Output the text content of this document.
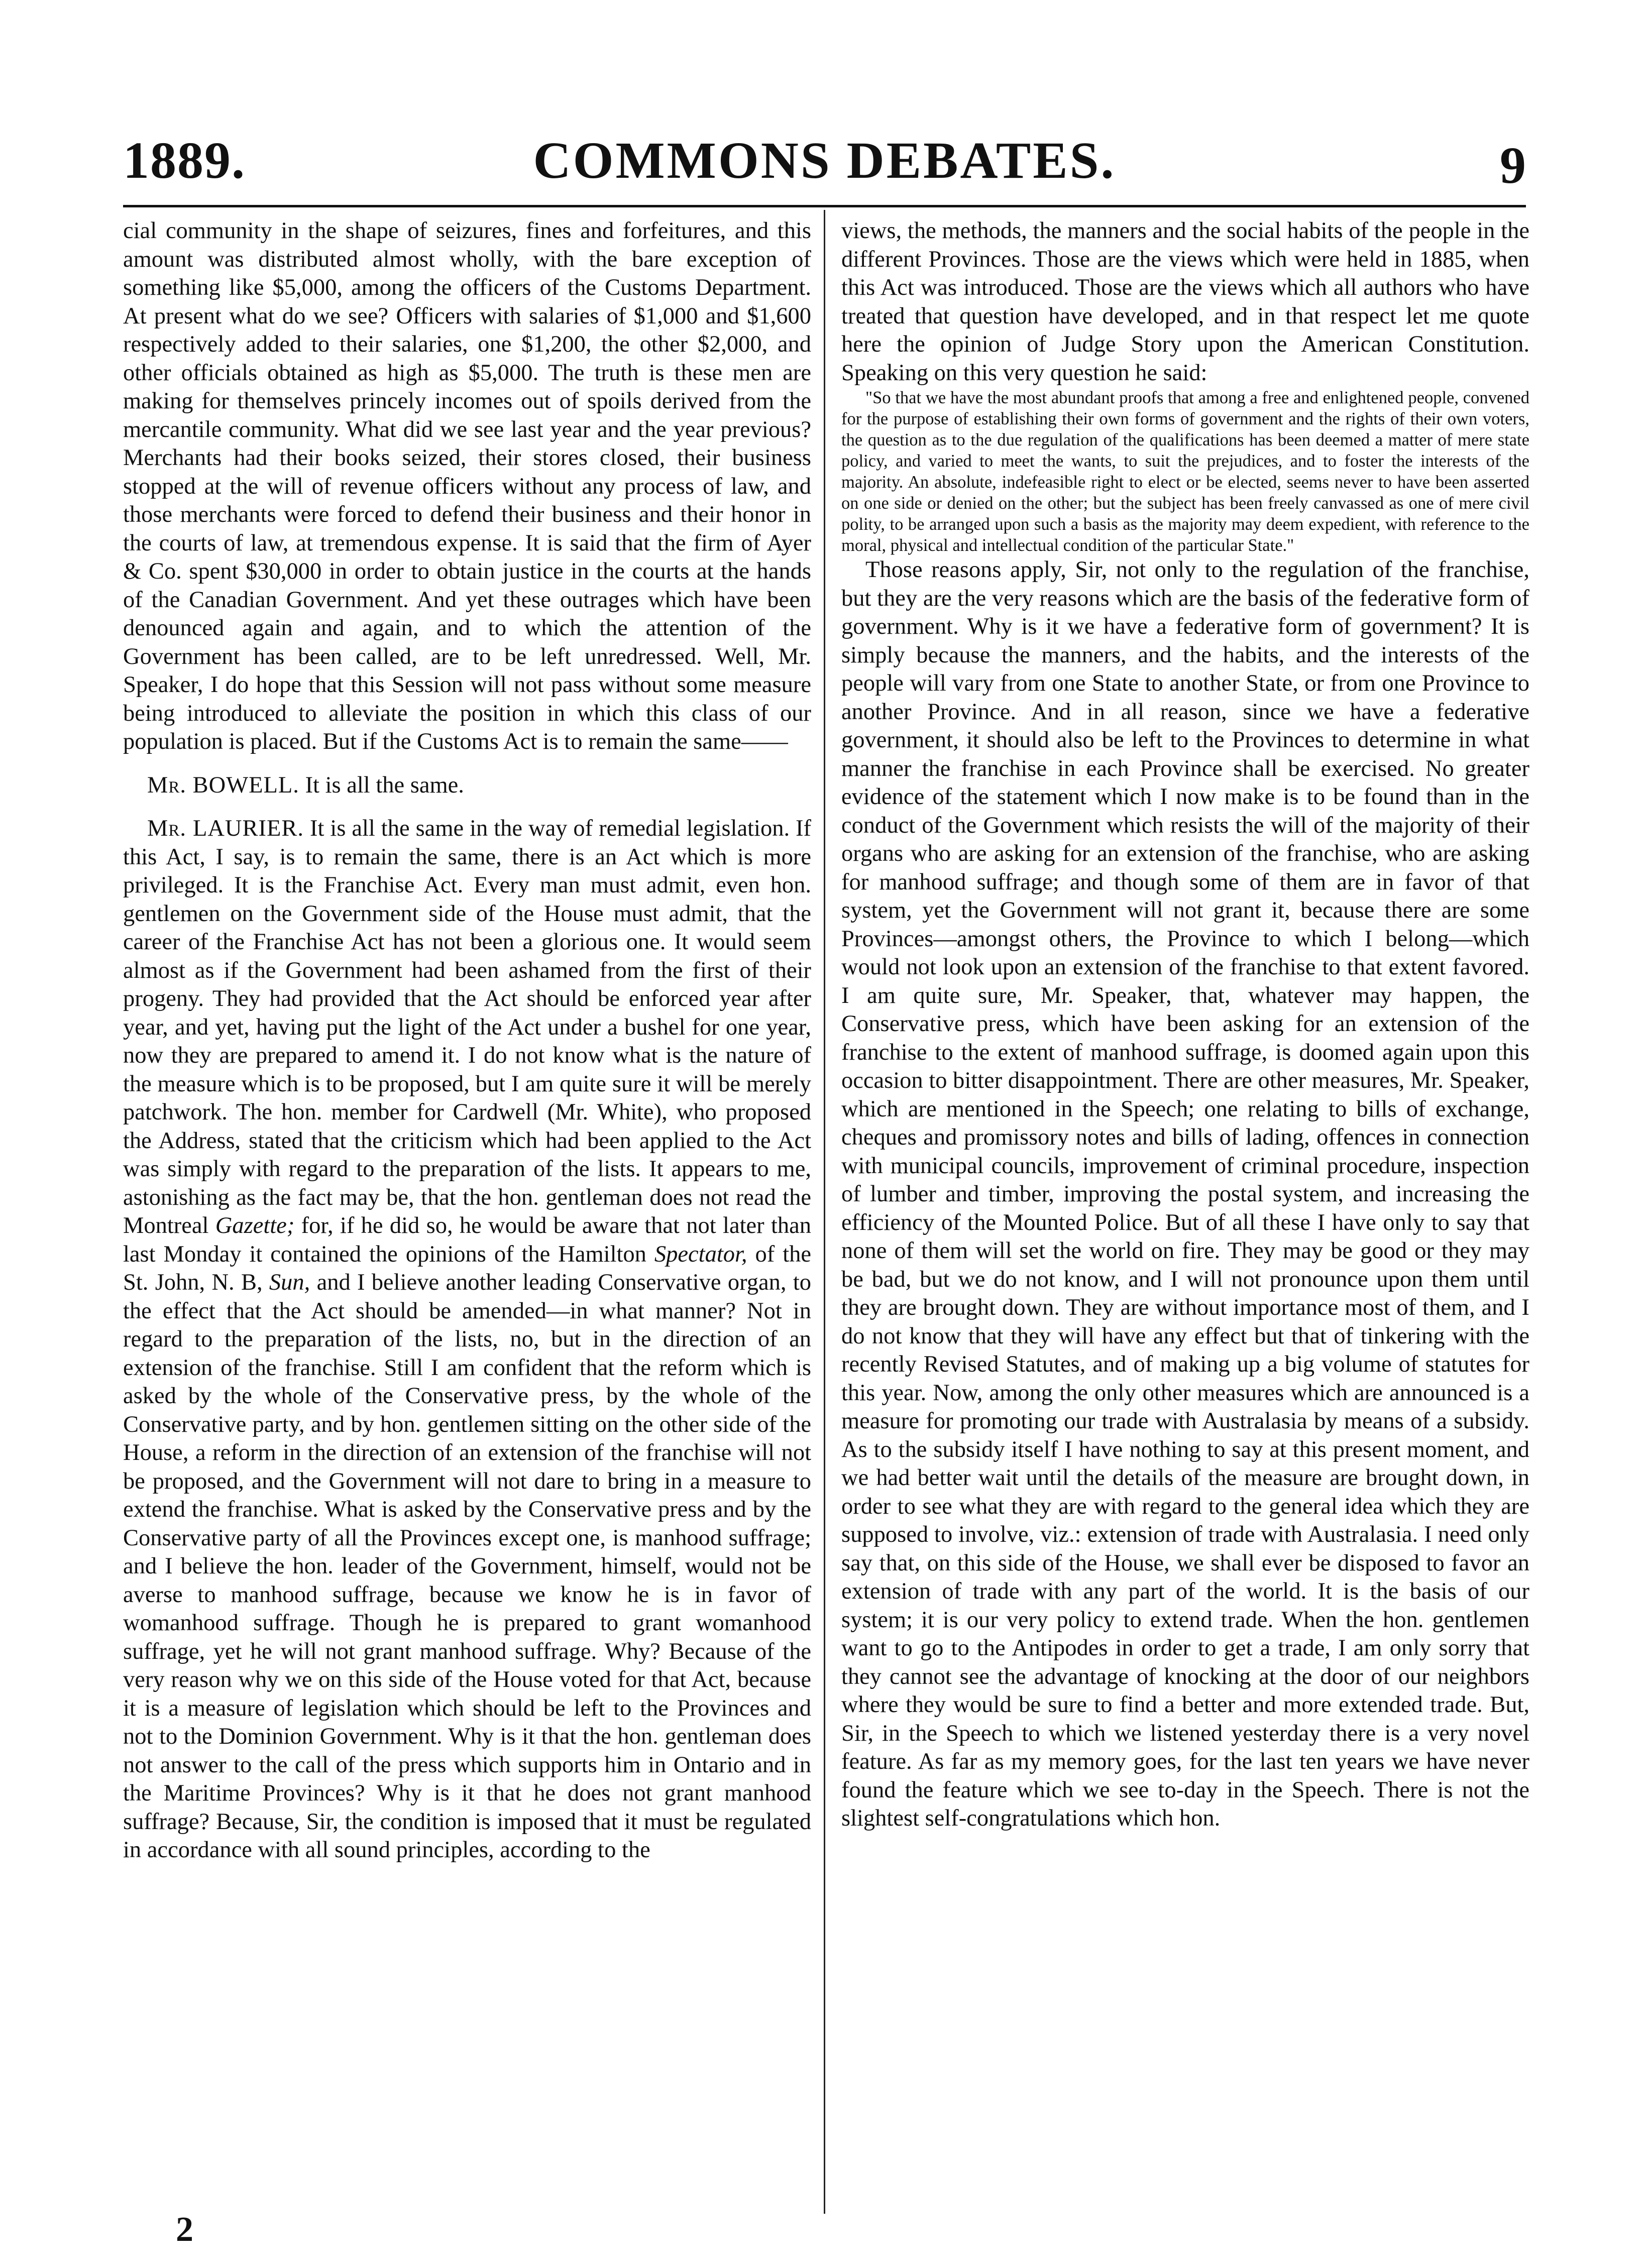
1889.	COMMONS DEBATES.	9

cial community in the shape of seizures, fines and forfeitures, and this amount was distributed almost wholly, with the bare exception of something like $5,000, among the officers of the Customs Department. At present what do we see? Officers with salaries of $1,000 and $1,600 respectively added to their salaries, one $1,200, the other $2,000, and other officials obtained as high as $5,000. The truth is these men are making for themselves princely incomes out of spoils derived from the mercantile community. What did we see last year and the year previous? Merchants had their books seized, their stores closed, their business stopped at the will of revenue officers without any process of law, and those merchants were forced to defend their business and their honor in the courts of law, at tremendous expense. It is said that the firm of Ayer & Co. spent $30,000 in order to obtain justice in the courts at the hands of the Canadian Government. And yet these outrages which have been denounced again and again, and to which the attention of the Government has been called, are to be left unredressed. Well, Mr. Speaker, I do hope that this Session will not pass without some measure being introduced to alleviate the position in which this class of our population is placed. But if the Customs Act is to remain the same——

Mr. BOWELL. It is all the same.

Mr. LAURIER. It is all the same in the way of remedial legislation. If this Act, I say, is to remain the same, there is an Act which is more privileged. It is the Franchise Act. Every man must admit, even hon. gentlemen on the Government side of the House must admit, that the career of the Franchise Act has not been a glorious one. It would seem almost as if the Government had been ashamed from the first of their progeny. They had provided that the Act should be enforced year after year, and yet, having put the light of the Act under a bushel for one year, now they are prepared to amend it. I do not know what is the nature of the measure which is to be proposed, but I am quite sure it will be merely patchwork. The hon. member for Cardwell (Mr. White), who proposed the Address, stated that the criticism which had been applied to the Act was simply with regard to the preparation of the lists. It appears to me, astonishing as the fact may be, that the hon. gentleman does not read the Montreal Gazette; for, if he did so, he would be aware that not later than last Monday it contained the opinions of the Hamilton Spectator, of the St. John, N. B, Sun, and I believe another leading Conservative organ, to the effect that the Act should be amended—in what manner? Not in regard to the preparation of the lists, no, but in the direction of an extension of the franchise. Still I am confident that the reform which is asked by the whole of the Conservative press, by the whole of the Conservative party, and by hon. gentlemen sitting on the other side of the House, a reform in the direction of an extension of the franchise will not be proposed, and the Government will not dare to bring in a measure to extend the franchise. What is asked by the Conservative press and by the Conservative party of all the Provinces except one, is manhood suffrage; and I believe the hon. leader of the Government, himself, would not be averse to manhood suffrage, because we know he is in favor of womanhood suffrage. Though he is prepared to grant womanhood suffrage, yet he will not grant manhood suffrage. Why? Because of the very reason why we on this side of the House voted for that Act, because it is a measure of legislation which should be left to the Provinces and not to the Dominion Government. Why is it that the hon. gentleman does not answer to the call of the press which supports him in Ontario and in the Maritime Provinces? Why is it that he does not grant manhood suffrage? Because, Sir, the condition is imposed that it must be regulated in accordance with all sound principles, according to the

views, the methods, the manners and the social habits of the people in the different Provinces. Those are the views which were held in 1885, when this Act was introduced. Those are the views which all authors who have treated that question have developed, and in that respect let me quote here the opinion of Judge Story upon the American Constitution. Speaking on this very question he said:

"So that we have the most abundant proofs that among a free and enlightened people, convened for the purpose of establishing their own forms of government and the rights of their own voters, the question as to the due regulation of the qualifications has been deemed a matter of mere state policy, and varied to meet the wants, to suit the prejudices, and to foster the interests of the majority. An absolute, indefeasible right to elect or be elected, seems never to have been asserted on one side or denied on the other; but the subject has been freely canvassed as one of mere civil polity, to be arranged upon such a basis as the majority may deem expedient, with reference to the moral, physical and intellectual condition of the particular State."

Those reasons apply, Sir, not only to the regulation of the franchise, but they are the very reasons which are the basis of the federative form of government. Why is it we have a federative form of government? It is simply because the manners, and the habits, and the interests of the people will vary from one State to another State, or from one Province to another Province. And in all reason, since we have a federative government, it should also be left to the Provinces to determine in what manner the franchise in each Province shall be exercised. No greater evidence of the statement which I now make is to be found than in the conduct of the Government which resists the will of the majority of their organs who are asking for an extension of the franchise, who are asking for manhood suffrage; and though some of them are in favor of that system, yet the Government will not grant it, because there are some Provinces—amongst others, the Province to which I belong—which would not look upon an extension of the franchise to that extent favored. I am quite sure, Mr. Speaker, that, whatever may happen, the Conservative press, which have been asking for an extension of the franchise to the extent of manhood suffrage, is doomed again upon this occasion to bitter disappointment. There are other measures, Mr. Speaker, which are mentioned in the Speech; one relating to bills of exchange, cheques and promissory notes and bills of lading, offences in connection with municipal councils, improvement of criminal procedure, inspection of lumber and timber, improving the postal system, and increasing the efficiency of the Mounted Police. But of all these I have only to say that none of them will set the world on fire. They may be good or they may be bad, but we do not know, and I will not pronounce upon them until they are brought down. They are without importance most of them, and I do not know that they will have any effect but that of tinkering with the recently Revised Statutes, and of making up a big volume of statutes for this year. Now, among the only other measures which are announced is a measure for promoting our trade with Australasia by means of a subsidy. As to the subsidy itself I have nothing to say at this present moment, and we had better wait until the details of the measure are brought down, in order to see what they are with regard to the general idea which they are supposed to involve, viz.: extension of trade with Australasia. I need only say that, on this side of the House, we shall ever be disposed to favor an extension of trade with any part of the world. It is the basis of our system; it is our very policy to extend trade. When the hon. gentlemen want to go to the Antipodes in order to get a trade, I am only sorry that they cannot see the advantage of knocking at the door of our neighbors where they would be sure to find a better and more extended trade. But, Sir, in the Speech to which we listened yesterday there is a very novel feature. As far as my memory goes, for the last ten years we have never found the feature which we see to-day in the Speech. There is not the slightest self-congratulations which hon.

2
